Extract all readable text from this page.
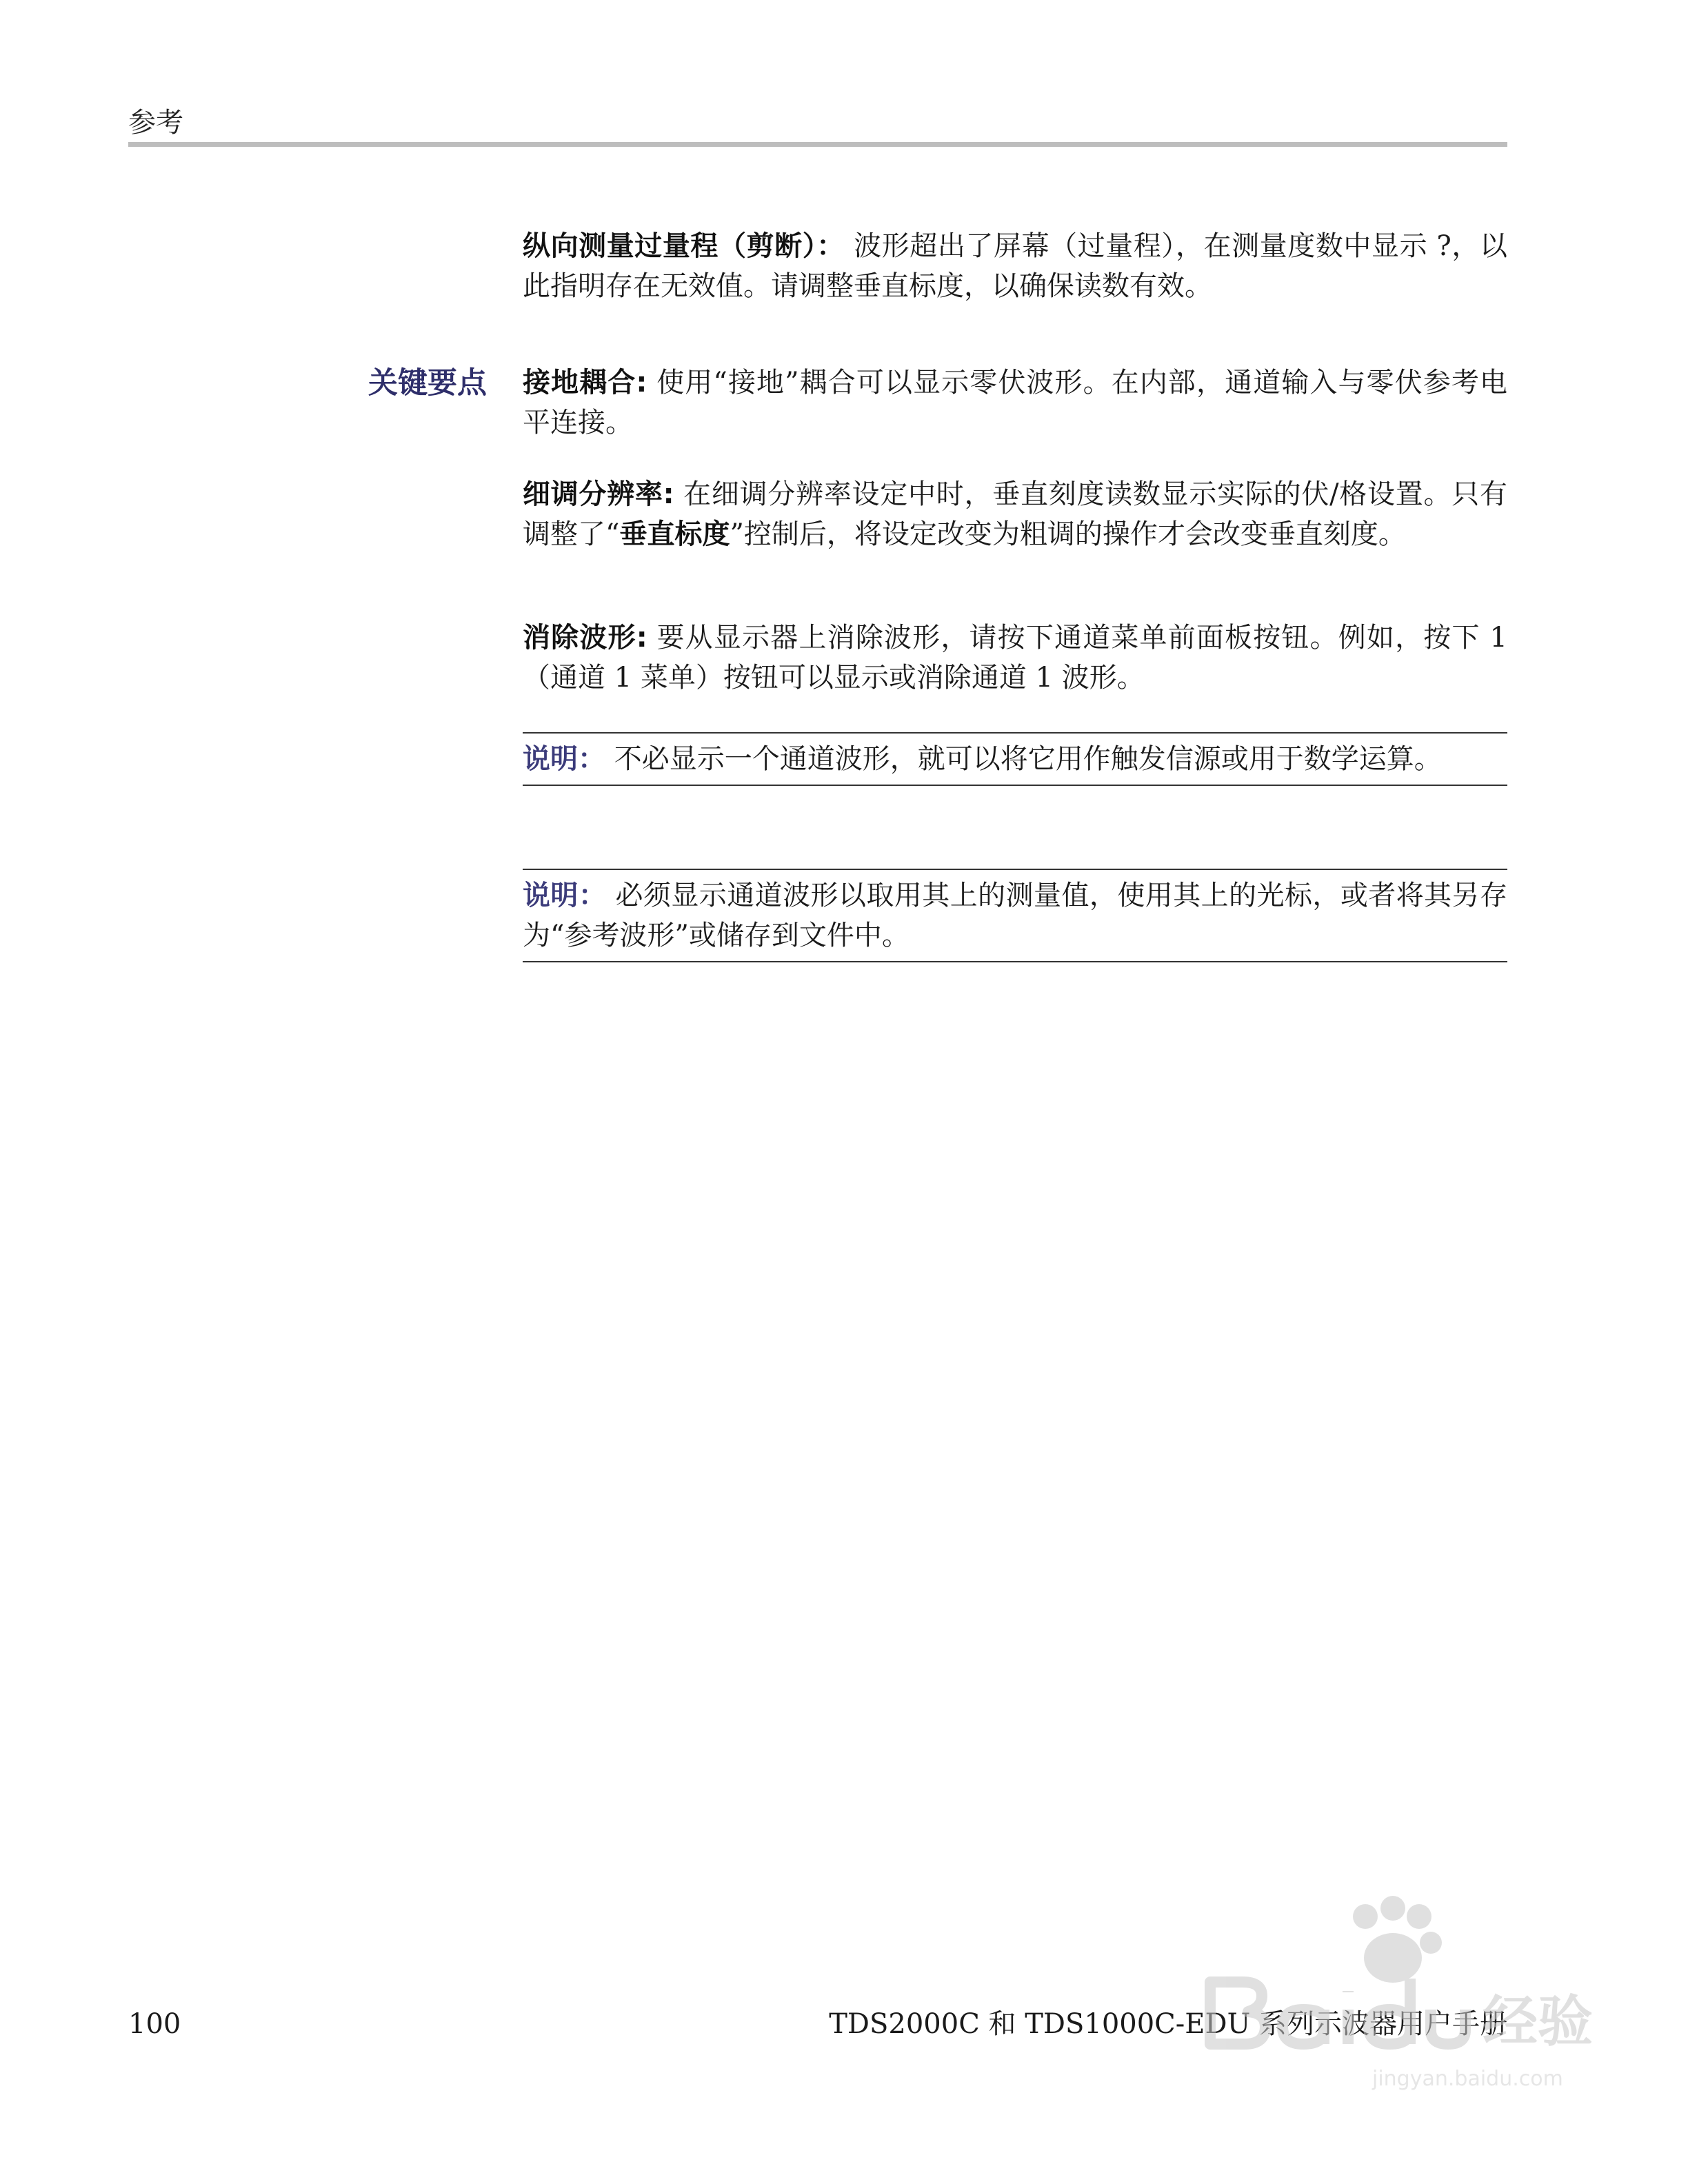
参考
纵向测量过量程（剪断）： 波形超出了屏幕（过量程），在测量度数中显示 ?，以此指明存在无效值。请调整垂直标度，以确保读数有效。
关键要点 接地耦合: 使用“接地”耦合可以显示零伏波形。在内部，通道输入与零伏参考电平连接。
细调分辨率: 在细调分辨率设定中时，垂直刻度读数显示实际的伏/格设置。只有调整了“垂直标度”控制后，将设定改变为粗调的操作才会改变垂直刻度。
消除波形: 要从显示器上消除波形，请按下通道菜单前面板按钮。例如，按下 1（通道 1 菜单）按钮可以显示或消除通道 1 波形。
说明： 不必显示一个通道波形，就可以将它用作触发信源或用于数学运算。
说明： 必须显示通道波形以取用其上的测量值，使用其上的光标，或者将其另存为“参考波形”或储存到文件中。
100	TDS2000C 和 TDS1000C-EDU 系列示波器用户手册
经验
jingyan.baidu.com
